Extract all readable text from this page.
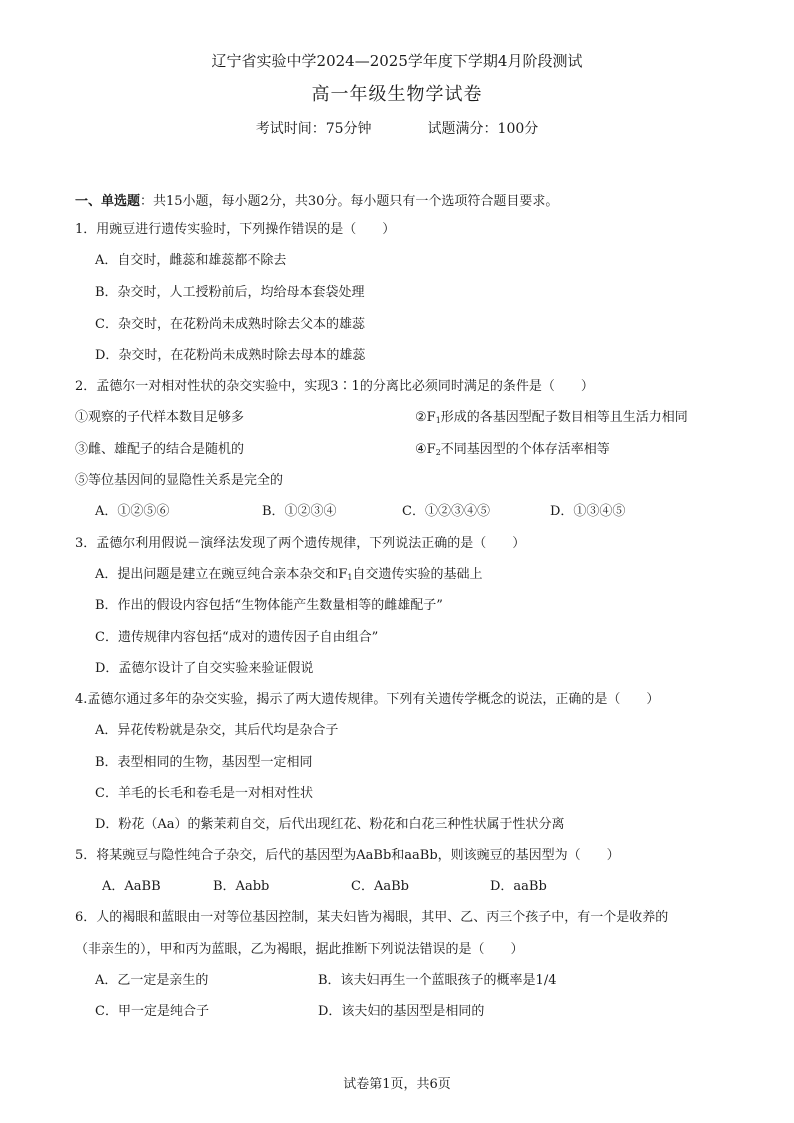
辽宁省实验中学2024—2025学年度下学期4月阶段测试
高一年级生物学试卷
考试时间：75分钟	试题满分：100分
一、单选题：共15小题，每小题2分，共30分。每小题只有一个选项符合题目要求。
1．用豌豆进行遗传实验时，下列操作错误的是（　　）
A．自交时，雌蕊和雄蕊都不除去
B．杂交时，人工授粉前后，均给母本套袋处理
C．杂交时，在花粉尚未成熟时除去父本的雄蕊
D．杂交时，在花粉尚未成熟时除去母本的雄蕊
2．孟德尔一对相对性状的杂交实验中，实现3∶1的分离比必须同时满足的条件是（　　）
①观察的子代样本数目足够多	$②F_1$形成的各基因型配子数目相等且生活力相同
③雌、雄配子的结合是随机的	$④F_2$不同基因型的个体存活率相等
⑤等位基因间的显隐性关系是完全的
A．①②⑤⑥	B．①②③④	C．①②③④⑤	D．①③④⑤
3．孟德尔利用假说－演绎法发现了两个遗传规律，下列说法正确的是（　　）
A．提出问题是建立在豌豆纯合亲本杂交和$F_1$自交遗传实验的基础上
B．作出的假设内容包括“生物体能产生数量相等的雌雄配子”
C．遗传规律内容包括“成对的遗传因子自由组合”
D．孟德尔设计了自交实验来验证假说
4.孟德尔通过多年的杂交实验，揭示了两大遗传规律。下列有关遗传学概念的说法，正确的是（　　）
A．异花传粉就是杂交，其后代均是杂合子
B．表型相同的生物，基因型一定相同
C．羊毛的长毛和卷毛是一对相对性状
D．粉花（Aa）的紫茉莉自交，后代出现红花、粉花和白花三种性状属于性状分离
5．将某豌豆与隐性纯合子杂交，后代的基因型为AaBb和aaBb，则该豌豆的基因型为（　　）
A．AaBB	B．Aabb	C．AaBb	D．aaBb
6．人的褐眼和蓝眼由一对等位基因控制，某夫妇皆为褐眼，其甲、乙、丙三个孩子中，有一个是收养的
（非亲生的），甲和丙为蓝眼，乙为褐眼，据此推断下列说法错误的是（　　）
A．乙一定是亲生的	B．该夫妇再生一个蓝眼孩子的概率是1/4
C．甲一定是纯合子	D．该夫妇的基因型是相同的
试卷第1页，共6页
